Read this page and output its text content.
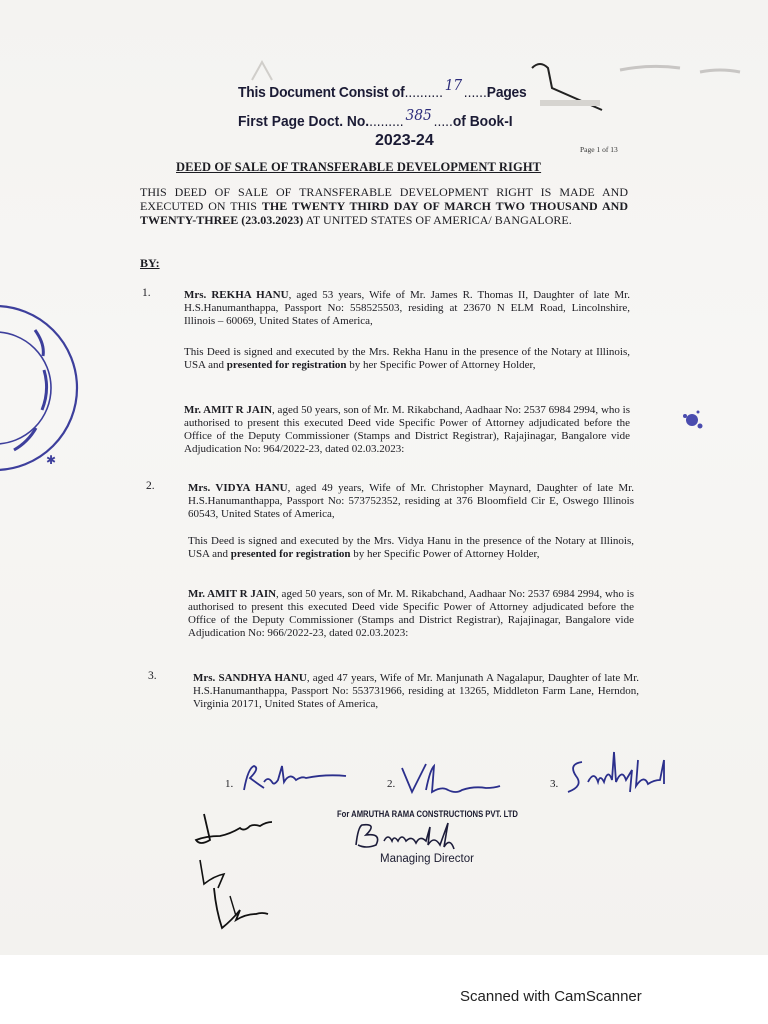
✱
This Document Consist of.......... 17 ......Pages
First Page Doct. No.......... 385 .....of Book-I
2023-24
Page 1 of 13
DEED OF SALE OF TRANSFERABLE DEVELOPMENT RIGHT
THIS DEED OF SALE OF TRANSFERABLE DEVELOPMENT RIGHT IS MADE AND EXECUTED ON THIS THE TWENTY THIRD DAY OF MARCH TWO THOUSAND AND TWENTY-THREE (23.03.2023) AT UNITED STATES OF AMERICA/ BANGALORE.
BY:
1.	Mrs. REKHA HANU, aged 53 years, Wife of Mr. James R. Thomas II, Daughter of late Mr. H.S.Hanumanthappa, Passport No: 558525503, residing at 23670 N ELM Road, Lincolnshire, Illinois – 60069, United States of America,
This Deed is signed and executed by the Mrs. Rekha Hanu in the presence of the Notary at Illinois, USA and presented for registration by her Specific Power of Attorney Holder,
Mr. AMIT R JAIN, aged 50 years, son of Mr. M. Rikabchand, Aadhaar No: 2537 6984 2994, who is authorised to present this executed Deed vide Specific Power of Attorney adjudicated before the Office of the Deputy Commissioner (Stamps and District Registrar), Rajajinagar, Bangalore vide Adjudication No: 964/2022-23, dated 02.03.2023:
2.	Mrs. VIDYA HANU, aged 49 years, Wife of Mr. Christopher Maynard, Daughter of late Mr. H.S.Hanumanthappa, Passport No: 573752352, residing at 376 Bloomfield Cir E, Oswego Illinois 60543, United States of America,
This Deed is signed and executed by the Mrs. Vidya Hanu in the presence of the Notary at Illinois, USA and presented for registration by her Specific Power of Attorney Holder,
Mr. AMIT R JAIN, aged 50 years, son of Mr. M. Rikabchand, Aadhaar No: 2537 6984 2994, who is authorised to present this executed Deed vide Specific Power of Attorney adjudicated before the Office of the Deputy Commissioner (Stamps and District Registrar), Rajajinagar, Bangalore vide Adjudication No: 966/2022-23, dated 02.03.2023:
3.	Mrs. SANDHYA HANU, aged 47 years, Wife of Mr. Manjunath A Nagalapur, Daughter of late Mr. H.S.Hanumanthappa, Passport No: 553731966, residing at 13265, Middleton Farm Lane, Herndon, Virginia 20171, United States of America,
1.	2.	3.
For AMRUTHA RAMA CONSTRUCTIONS PVT. LTD
Managing Director
Scanned with CamScanner
